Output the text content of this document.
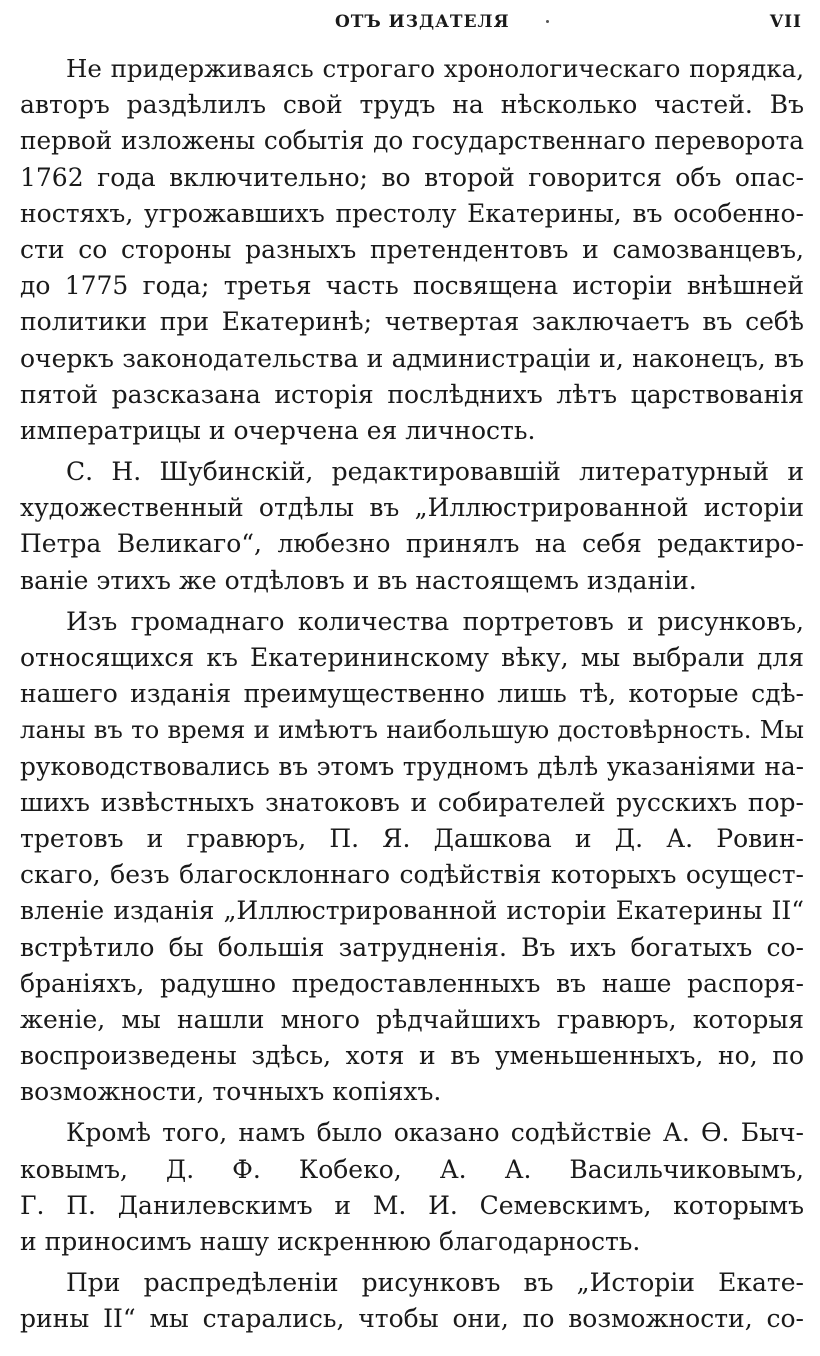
ОТЪ ИЗДАТЕЛЯ	VII
Не придерживаясь строгаго хронологическаго порядка,
авторъ раздѣлилъ свой трудъ на нѣсколько частей. Въ
первой изложены событія до государственнаго переворота
1762 года включительно; во второй говорится объ опас-
ностяхъ, угрожавшихъ престолу Екатерины, въ особенно-
сти со стороны разныхъ претендентовъ и самозванцевъ,
до 1775 года; третья часть посвящена исторіи внѣшней
политики при Екатеринѣ; четвертая заключаетъ въ себѣ
очеркъ законодательства и администраціи и, наконецъ, въ
пятой разсказана исторія послѣднихъ лѣтъ царствованія
императрицы и очерчена ея личность.
С. Н. Шубинскій, редактировавшій литературный и
художественный отдѣлы въ „Иллюстрированной исторіи
Петра Великаго“, любезно принялъ на себя редактиро-
ваніе этихъ же отдѣловъ и въ настоящемъ изданіи.
Изъ громаднаго количества портретовъ и рисунковъ,
относящихся къ Екатерининскому вѣку, мы выбрали для
нашего изданія преимущественно лишь тѣ, которые сдѣ-
ланы въ то время и имѣютъ наибольшую достовѣрность. Мы
руководствовались въ этомъ трудномъ дѣлѣ указаніями на-
шихъ извѣстныхъ знатоковъ и собирателей русскихъ пор-
третовъ и гравюръ, П. Я. Дашкова и Д. А. Ровин-
скаго, безъ благосклоннаго содѣйствія которыхъ осущест-
вленіе изданія „Иллюстрированной исторіи Екатерины II“
встрѣтило бы большія затрудненія. Въ ихъ богатыхъ со-
браніяхъ, радушно предоставленныхъ въ наше распоря-
женіе, мы нашли много рѣдчайшихъ гравюръ, которыя
воспроизведены здѣсь, хотя и въ уменьшенныхъ, но, по
возможности, точныхъ копіяхъ.
Кромѣ того, намъ было оказано содѣйствіе А. Ѳ. Быч-
ковымъ, Д. Ф. Кобеко, А. А. Васильчиковымъ,
Г. П. Данилевскимъ и М. И. Семевскимъ, которымъ
и приносимъ нашу искреннюю благодарность.
При распредѣленіи рисунковъ въ „Исторіи Екате-
рины II“ мы старались, чтобы они, по возможности, со-
